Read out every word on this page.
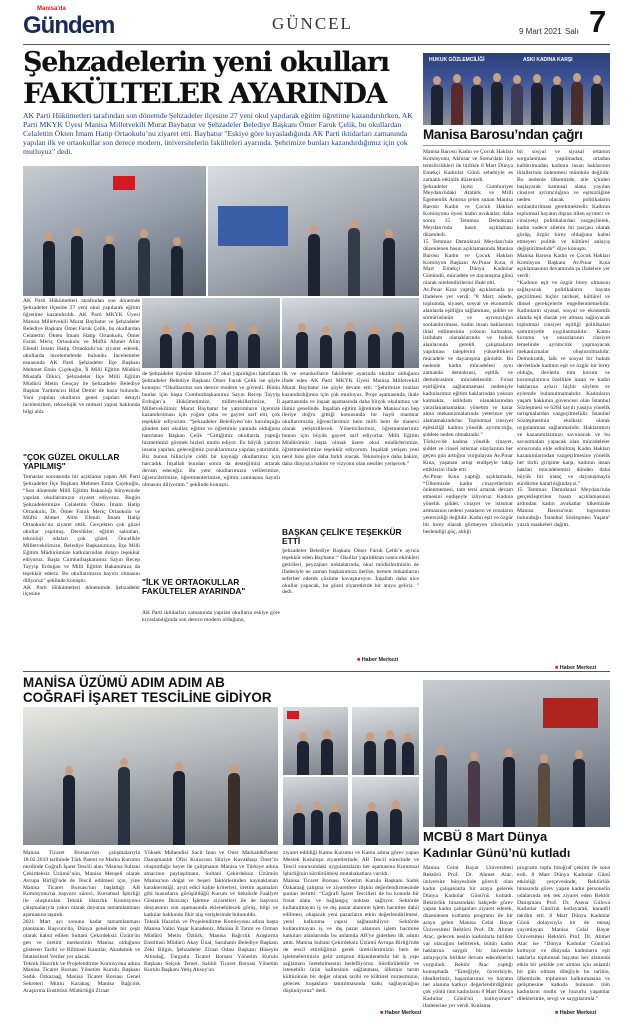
Manisa'da
Gündem	GÜNCEL	9 Mart 2021 Salı 7
Şehzadelerin yeni okulları
FAKÜLTELER AYARINDA
AK Parti Hükümetleri tarafından son dönemde Şehzadeler ilçesine 27 yeni okul yapılarak eğitim öğretime kazandırılırken, AK Parti MKYK Üyesi Manisa Milletvekili Murat Baybatur ve Şehzadeler Belediye Başkanı Ömer Faruk Çelik, bu okullardan Celalettin Ökten İmam Hatip Ortaokulu’nu ziyaret etti. Baybatur "Eskiye göre kıyasladığında AK Parti iktidarları zamanında yapılan ilk ve ortaokullar son derece modern, üniversitelerin fakülteleri ayarında. Şehrimize bunları kazandırdığımız için çok mutluyuz" dedi.
AK Parti Hükümetleri tarafından son dönemde Şehzadeler ilçesine 27 yeni okul yapılarak eğitim öğretime kazandırıldı. AK Parti MKYK Üyesi Manisa Milletvekili Murat Baybatur ve Şehzadeler Belediye Başkanı Ömer Faruk Çelik, bu okullardan Celalettin Ökten İmam Hatip Ortaokulu, Ömer Faruk Meriç Ortaokulu ve Müftü Ahmet Alim Efendi İmam Hatip Ortaokulu’nu ziyaret ederek, okullarda incelemelerde bulundu. İncelemeler esnasında AK Parti Şehzadeler İlçe Başkanı Mehmet Emin Çiçekoğlu, İl Milli Eğitim Müdürü Mustafa Dikici, Şehzadeler İlçe Milli Eğitim Müdürü Metin Gençay ile Şehzadeler Belediye Başkan Yardımcısı Bilal Demir de hazır bulundu. Yeni yapılan okulların genel yapıları detaylı incelenirken, teknolojik ve mimari yapısı hakkında bilgi aldı.
"ÇOK GÜZEL OKULLAR YAPILMIŞ"
Temaslar sonrasında bir açıklama yapan AK Parti Şehzadeler İlçe Başkanı Mehmet Emin Çiçekoğlu, “Son dönemde Milli Eğitim Bakanlığı bünyesinde yapılan okullarımızın ziyaret ediyoruz. Bugün Şehzadelerimize Celalettin Ökten İmam Hatip Ortaokulu, Dr. Ömer Faruk Meriç Ortaokulu ve Müftü Ahmet Alim Efendi İmam Hatip Ortaokulu’nu ziyaret ettik. Gerçekten çok güzel okullar yapılmış. Derslikler, eğitim salonları, teknoloji odaları çok güzel. Öncelikle Milletvekilimize, Belediye Başkanımıza, İlçe Milli Eğitim Müdürümüze katkılarından dolayı teşekkür ediyoruz. Başta Cumhurbaşkanımız Sayın Recep Tayyip Erdoğan ve Milli Eğitim Bakanımıza da teşekkür ederiz. Bu okullarımızın hayırlı olmasını diliyoruz” şeklinde konuştu.
AK Parti Hükümetleri döneminde Şehzadeler ilçesine
de Şehzadeler ilçesine itibaren 27 okul yapıldığını hatırlatan Şehzadeler Belediye Başkanı Ömer Faruk Çelik ise şöyle konuştu: “Okullarımız son derece modern ve güvenli. Bütün bunlar için başta Cumhurbaşkanımız Sayın Recep Tayyip Erdoğan’a Hükümetimize, milletvekillerimize, İl Milletvekilimiz Murat Baybatur bu yatırımların ilçemize kazandırılması için yoğun çaba ve gayret sarf etti, çok teşekkür ediyorum. “Şehzadeler Belediyesi’nin kuruluşuğu günden beri okullar, eğitim ve öğretimin yanında olduğunu hatırlatan Başkan Çelik “Gittiğimiz okullarda yaptığı hizmetimizi görmek bizleri mutlu ediyor. En büyük yatırım insana yapılan, geleceğimiz çocuklarımıza yapılan yatırımdır. Biz bunun bilinciyle ciddi bir kaynağı okullarımız için harcadık. İnşallah bundan sonra da desteğimizi artarak devam edeceğiz. Bu yeni okullarımızın velilerimize, öğrencilerimize, öğretmenlerimize, eğitim camiasına hayırlı olmasını diliyorum.” şeklinde konuştu.
"İLK VE ORTAOKULLAR FAKÜLTELER AYARINDA"
AK Parti iktidarları zamanında yapılan okulların eskiye göre kıyaslandığında son derece modern olduğunu,
ilk ve ortaokulların fakülteler ayarında okullar olduğunu ifade eden AK Parti MKYK Üyesi Manisa Milletvekili Murat Baybatur ise şöyle devam etti; “Şehrimize bunları kazandırdığımız için çok mutluyuz. Proje aşamasında, ihale aşamasında ve inşaat aşamasında daha birçok okulumuz var ilimiz genelinde. İnşallah eğitim öğretimde Manisa’nın hep ileriye doğru gittiği konusunda bir hayli mamnur okullarımızda öğrencilerimiz hem milli hem de manevi olarak yetiştiriliecek. Yöneticilerimiz, öğretmenlerimiz bunun için büyük gayret sarf ediyorlar. Milli Eğitim Müdürümüz başta olmak üzere okul müdürlerimize, öğretmenlerimize teşekkür ediyorum. İnşallah yetişen yeni nesil bize göre daha farklı olacak. Teknolojiye daha hakim, daha dünyaya hakim ve vizyonu olan nesiller yetişecek.”
BAŞKAN ÇELİK’E TEŞEKKÜR ETTİ
Şehzadeler Belediye Başkanı Ömer Faruk Çelik’e ayrıca teşekkür eden Baybatur “ Okullar yapıldıktan sonra ekinkleri getirileri, peyzajları noktalarında, okul müdürlerimizin de ifadesiyle ne zaman başkanımıza iletilse, hemen imkanlarını seferber ederek çözüme kavuşturuyor. İnşallah daha nice okullar yapacak, bu güzel ziyaretlerde bir araya geliriz. " dedi.
■ Haber Merkezi
HUKUK GÖZLEMCİLİĞİ	ASKI KADINA KARŞI
Manisa Barosu’ndan çağrı
Manisa Barosu Kadın ve Çocuk Hakları Komisyonu, Akhisar ve Soma'daki ilçe temsilcilikleri ile birlikte 8 Mart Dünya Emekçi Kadınlar Günü sebebiyle es zamanlı etkinlik düzenledi.
Şehzadeler ilçesi Cumhuriyet Meydanı'ndaki Atatürk ve Milli Egemenlik Anıtına çelen sunan Manisa Barosu Kadın ve Çocuk Hakları Komisyonu üyesi kadın avukatlar, daha sonra 15 Temmuz Demokrasi Meydanı'nda basın açıklaması düzenledi.
15 Temmuz Demokrasi Meydanı'nda düzenlenen basın açıklamasında Manisa Barosu Kadın ve Çocuk Hakları Komisyon Başkanı Av.Pınar Kına, 8 Mart Emekçi Dünya Kadınlar Günündü, mücadele ve dayanışma günü olarak nitelendirilerini ifade etti.
Av.Pınar Kına yaptığı açıklamada şu ifadelere yer verdi: "8 Mart; ailede, toplumda, siyaset, sosyal ve ekonomik alanlarda eşitliğin sağlanması, şiddet ve sömürüsünün ve ayrımcılığın sonlandırılması, kadın insan haklarının ihlal edilmesinin yoksun kalmakta, istihdam olanaklarında ve hukuk alanlarında gerekli çalışmaların yapılması taleplerini yükselttikleri mücadele ve dayanışma günüdür. Bu nedenle kadın mücadelesi aynı zamanda demokrasi, eşitlik ve demokrasinin mücadelesidir. Fırsat eşitliğinin sağlanmamasi nedeniyle kadınlarımız eğitim haklarından yoksun kalmakta, istihdam olanaklarından yararlanamamakta; yönetim ve karar alma mekanizmalarında yeterince yer alamamaktadırlar. Toplumsal cinsiyet eşitsizliği kadına yönelik ayrımcılığa, şiddete neden olmaktadır.”
Türkiye'de kadına yönelik cinayet, şiddet ve cinsel istismar olaylarının her geçen gün arttığını vurgulayan Av.Pınar Kına, yaşanan artışı endişeyle takip ettiklerini ifade etti.
Av.Pınar Kına yaptığı açıklamada, “Ülkemizde kadın cinayetlerinin önlenmemesi, tam tersi artarak devam etmesini endişeyle izliyoruz. Kadına yönelik şiddet, cinayet ve istismar artmasının nedeni yasaların ve cezaların yetersizliği değildir. Kadın eşit ve özgür bir birey olarak görmeyen zihniyetin beslendiği güç, aldığı
bir sosyal ve siyasal ortamın sorgulanması yapılmadan, ortadan kaldırılmadan kadının insan haklarının ihlallerinin önlenmesi mümkün değildir. Bu nedenle ülkemizde, aile içinden başlayarak kamusal alana yayılan cinsiyet ayrımcılığına ve eşitsizliğine neden olacak politikaların sonlandırılması gerekmektedir. Kadının toplumsal hayatın dışına itilen ayrımcı ve cinsiyetçi politikalardan vazgeçilerek, kadın sadece ailenin bir parçası olarak görüp, özgür birey olduğunu kabul etmeyen politik ve kültürel anlayış değiştirilmelidir” diye konuştu.
Manisa Barosu Kadın ve Çocuk Hakları Komisyon Başkanı Av.Pınar Kına açıklamasının devamında şu ifadelere yer verdi:
“Kadının eşit ve özgür birey olmasını sağlayacak politikaların hayata geçirilmesi hiçbir tarihsel, kültürel ve dinsel gerekçelerle engellenmemelidir. Kadınların siyasal, sosyal ve ekonomik alanda eşit olarak yer alması sağlayacak toplumsal cinsiyet eşitliği politikaları samimiyetle uygulanmalıdır. Kamu kurumu ve unsurlarının cinsiyet temelinde ayrımcılık yapmayacak mekanizmalar oluşturulmalıdır. Demokratik, laik ve sosyal bir hukuk devletinde kadının eşit ve özgür bir birey olduğu, devletin tüm kurum ve kuruluşlarınca özellikle insan ve kadın haklarına aykırı hiçbir söylem ve eylemde bulunulmamalıdır. Kadınların yaşam hakkının güvencesi olan İstanbul Sözleşmesi ve 6284 sayılı yasaya yönelik tartışmalardan vazgeçilmelidir. İstanbul Sözleşmesinin eksiksiz olarak uygulanması sağlanmalıdır. Haklarımızı ve kazanımlarımızı savunacak ve bu savunmaları yapacak olan mücadeleler sonucunda elde edinilmiş Kadın Hakları kazanımlarından vazgeçilmesine yönelik her türlü girişime karşı, kadının insan hakları mücadelemizi dünden daha büyük bir inanç ve dayanışmayla sürdürme kararlılığındayız.”
15 Temmuz Demokrasi Meydanı'nda gerçekleştirilen basın açıklamasının ardından kadın avukatlar ülkemizde Manisa Barosu'nun logosunun bulunduğu 'İstanbul Sözleşmesi Yaşatır' yazılı maskeleri dağıttı.
■ Haber Merkezi
MANİSA ÜZÜMÜ ADIM ADIM AB
COĞRAFİ İŞARET TESCİLİNE GİDİYOR
Manisa Ticaret Borsası'nın çalışmalarıyla 18.02.2019 tarihinde Türk Patent ve Marka Kurumu nezdinde Coğrafi İşaret Tescili alan ‘Manisa Sultani Çekirdeksiz Üzümü’nün, Manisa Menşeli olarak Avrupa Birliği'nde de Tescil edilmesi için, yine Manisa Ticaret Borsası'nın başlattığı AB Komisyonu'na başvuru süreci, Kurumsal İşbirliği ile oluşturulan Teknik Hazırlık Komisyonu çalışmalarıyla yakın olarak doyuran tamamlanması aşamasına taşındı.
2021 Mart ayı sonuna kadar tamamlanması planlanan Başvuru'da, Dünya genelinde bir çeşit olarak kabul edilen Sultani Çekirdeksiz Üzüm'ün gen ve üretim merkezinin Manisa olduğunu gösteren Tarihi ve Bilimsel Kanıtlar, Akademik ve İstatistiksel Veriler yer alacak.
Teknik Hazırlık ve Projelendirme Komisyonu adına Manisa Ticaret Borsası Yönetim Kurulu Başkanı Sadık Özkaraağ, Manisa Ticaret Borsası Genel Sekreteri Mutlu Karakaş, Manisa Bağcılık Araştırma Enstitüsü Müdürlüğü Ziraat
Yüksek Mühendisi Sacit İnan ve Öner Markalı&Patent Danışmanlık Ofisi Kurucusu Hüriye Kavakbaşı Öner’in oluşturduğu heyet ile çalışmanın Manisa ve Türkiye adına amacının paylaşılmanı, Sultani Çekirdeksiz Üzümün Manisa'nın doğal ve beşeri faktörlerinden kaynaklanan karakteristiği, ayırt edici kalite kriterleri, üretim aşamaları gibi hususların görüşüldüğü Kurum ve Sektörde Faaliyet Gösteren İhracatçı İşletme ziyaretleri ile de başvuru dosyasının son aşamasında eklenebilecek görüş, bilgi ve katkılar hakkında fikir alış verişlerinde bulunuldu.
Teknik Hazırlık ve Projelendirme Komisyonu adına başta Manisa Valisi Yaşar Karadeniz, Manisa İl Tarım ve Orman Müdürü Metin Öztürk, Manisa Bağcılık Araştırma Enstitüsü Müdürü Akay Ünal, Saruhanlı Belediye Başkanı Zeki Bilgin, Şehzadeler Ziraat Odası Başkanı Hüseyin Altındağ, Turgutlu Ticaret Borsası Yönetim Kurulu Başkanı Selçuk Temel, Salihli Ticaret Borsası Yönetim Kurulu Başkanı Yetiş Aksoy'un
ziyaret edildiği Kamu Kurumu ve Kamu adına görev yapan Meslek Kuruluşu ziyaretlerinde, AB Tescil sürecinde ve Tescil sonrasındaki uygulamaların her aşamasına Kurumsal İşbirliğinin sürdürülmesi mutabakatlara varıldı.
Manisa Ticaret Borsası Yönetim Kurulu Başkanı Sadık Özkaraağ çalışma ve ziyaretlere ilişkin değerlendirmesinde şunları belirtti: “Coğrafi İşaret Tescilleri de bu konuda bir fırsat alanı ve bağlangıç noktası sağlıyor. Sektörde kullanılmayan iş ve dış pazar alanının işlem hacmine dahil edilmesi, oluşacak yeni pazarların etkin değerlendirilmesi, yerel kalkınma yapısı sağlanabiliyor. Sektörde kullanılmayan iş ve dış pazar alanının işlem hacmine katkıları alanlarında bu anlamda AB'ye giderken ilk adımı attık. Manisa Sultani Çekirdeksiz Üzümü Avrupa Birliği'nde de tescil ettirdiğimiz gerek üreticilerimizin hem de işletmelerimizin gelir artışının düzenlenebilir bir iş yapı sağlaması üretebilmesini hedefliyoruz. Sürdürülebilir ve istenebilir ürün kalitesinin sağlanması, ülkemiz tarım kültürünün bir değer olarak tarihi ve kültürel mirasımızın, gelecek kuşaklara tanıtılmasında katkı sağlayacağını düşünüyoruz” dedi.
■ Haber Merkezi
MCBÜ 8 Mart Dünya
Kadınlar Günü’nü kutladı
Manisa Celal Bayar Üniversitesi Rektörü Prof. Dr. Ahmet Atac, üniversite bünyesinde görevli olan kadın çalışanlarla bir araya gelerek Dünya Kadınlar Günü'nü kutladı. Rektörlük binasındaki bahçede görev yapan kadın çalışanları ziyaret ederek, düzenlenen kutlama programı ile bir araya gelen Manisa Celal Bayar Üniversitesi Rektörü Prof. Dr. Ahmet Atac, gelecek neslin kadınlarla birlikte var olacağını belirterek, bütün kadın haklarına saygılı bir üniversite anlayışıyla birlikte devam edeceklerini vurguladı. Rektör Atac yaptığı konuşmada “Emeğiyle, özverisiyle, ideallerimiz, başarılarımız ve hayatın her alanına katkıyı değerlendirdiğimiz çok yönlü tüm kadınların 8 Mart Dünya Kadınlar Günü'nü kutluyorum” ifadelerine yer verdi. Kutlama
programı toplu fotoğraf çekimi ile sona erdi. 8 Mart Dünya Kadınlar Günü etkinliği çerçevesinde, Rektörlük binasında görev yapan kadın personelin odalarında tek tek ziyaret eden Rektör Danışmanı Prof. Dr. Asena Gülova Kadınlar Günü'nü kutlayarak, karanfil takdim etti. 8 Mart Dünya Kadınlar Günü dolayısıyla bir de mesaj yayımlayan Manisa Celal Bayar Üniversitesi Rektörü Prof. Dr. Ahmet Atac ise “Dünya Kadınlar Günü'nü kutluyor ve dünyada kadınların eşit haklarla toplumsal hayatın her alanında etkin bir şekilde yer alması için anlamlı bir gün olması dileğiyle bu tarihin, ülkemizde, toplumun kalkınmasına ve gelişmesine katkıda bulunan tüm kadınların mutlu ve huzurlu yaşamlar dileklerimle, sevgi ve saygılarımla.”
■ Haber Merkezi
